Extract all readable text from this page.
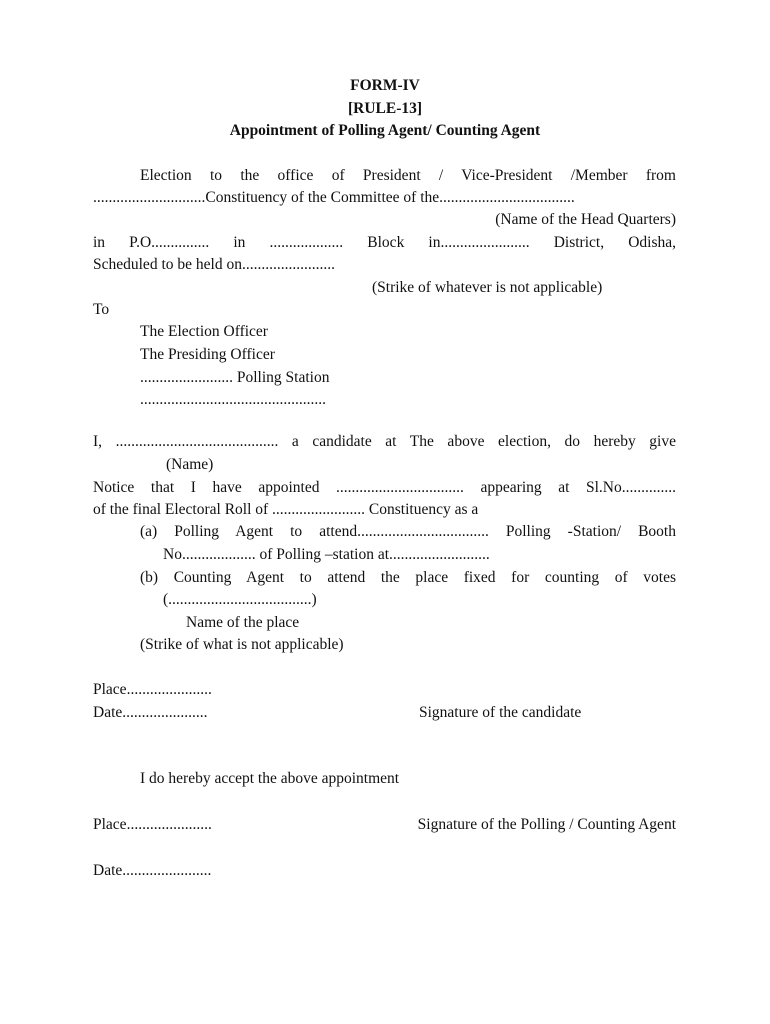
FORM-IV
[RULE-13]
Appointment of Polling Agent/ Counting Agent
Election to the office of President / Vice-President /Member from
.............................Constituency of the Committee of the...................................
(Name of the Head Quarters)
in P.O............... in ................... Block in....................... District, Odisha,
Scheduled to be held on........................
(Strike of whatever is not applicable)
To
The Election Officer
The Presiding Officer
........................ Polling Station
................................................
I, .......................................... a candidate at The above election, do hereby give
(Name)
Notice that I have appointed ................................. appearing at Sl.No..............
of the final Electoral Roll of ........................ Constituency as a
(a) Polling Agent to attend.................................. Polling -Station/ Booth
No................... of Polling –station at..........................
(b) Counting Agent to attend the place fixed for counting of votes
(.....................................)
Name of the place
(Strike of what is not applicable)
Place......................
Date......................	Signature of the candidate
I do hereby accept the above appointment
Place......................	Signature of the Polling / Counting Agent
Date.......................
